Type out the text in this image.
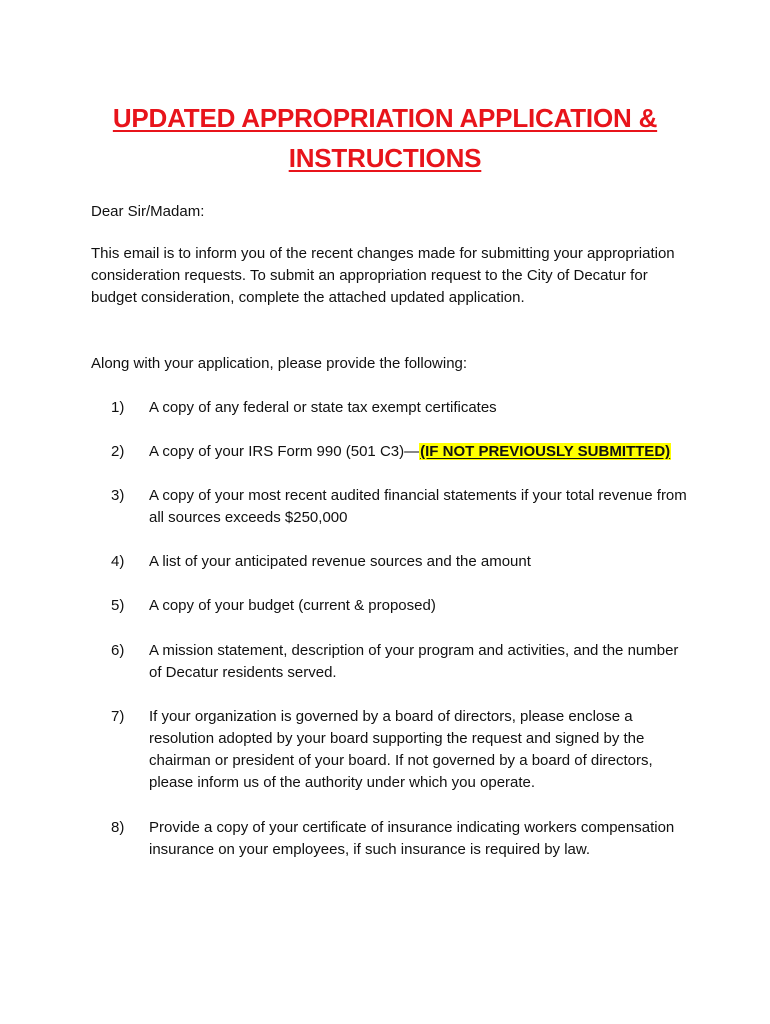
UPDATED APPROPRIATION APPLICATION & INSTRUCTIONS

Dear Sir/Madam:

This email is to inform you of the recent changes made for submitting your appropriation consideration requests. To submit an appropriation request to the City of Decatur for budget consideration, complete the attached updated application.

Along with your application, please provide the following:

1) A copy of any federal or state tax exempt certificates
2) A copy of your IRS Form 990 (501 C3)—(IF NOT PREVIOUSLY SUBMITTED)
3) A copy of your most recent audited financial statements if your total revenue from all sources exceeds $250,000
4) A list of your anticipated revenue sources and the amount
5) A copy of your budget (current & proposed)
6) A mission statement, description of your program and activities, and the number of Decatur residents served.
7) If your organization is governed by a board of directors, please enclose a resolution adopted by your board supporting the request and signed by the chairman or president of your board. If not governed by a board of directors, please inform us of the authority under which you operate.
8) Provide a copy of your certificate of insurance indicating workers compensation insurance on your employees, if such insurance is required by law.
